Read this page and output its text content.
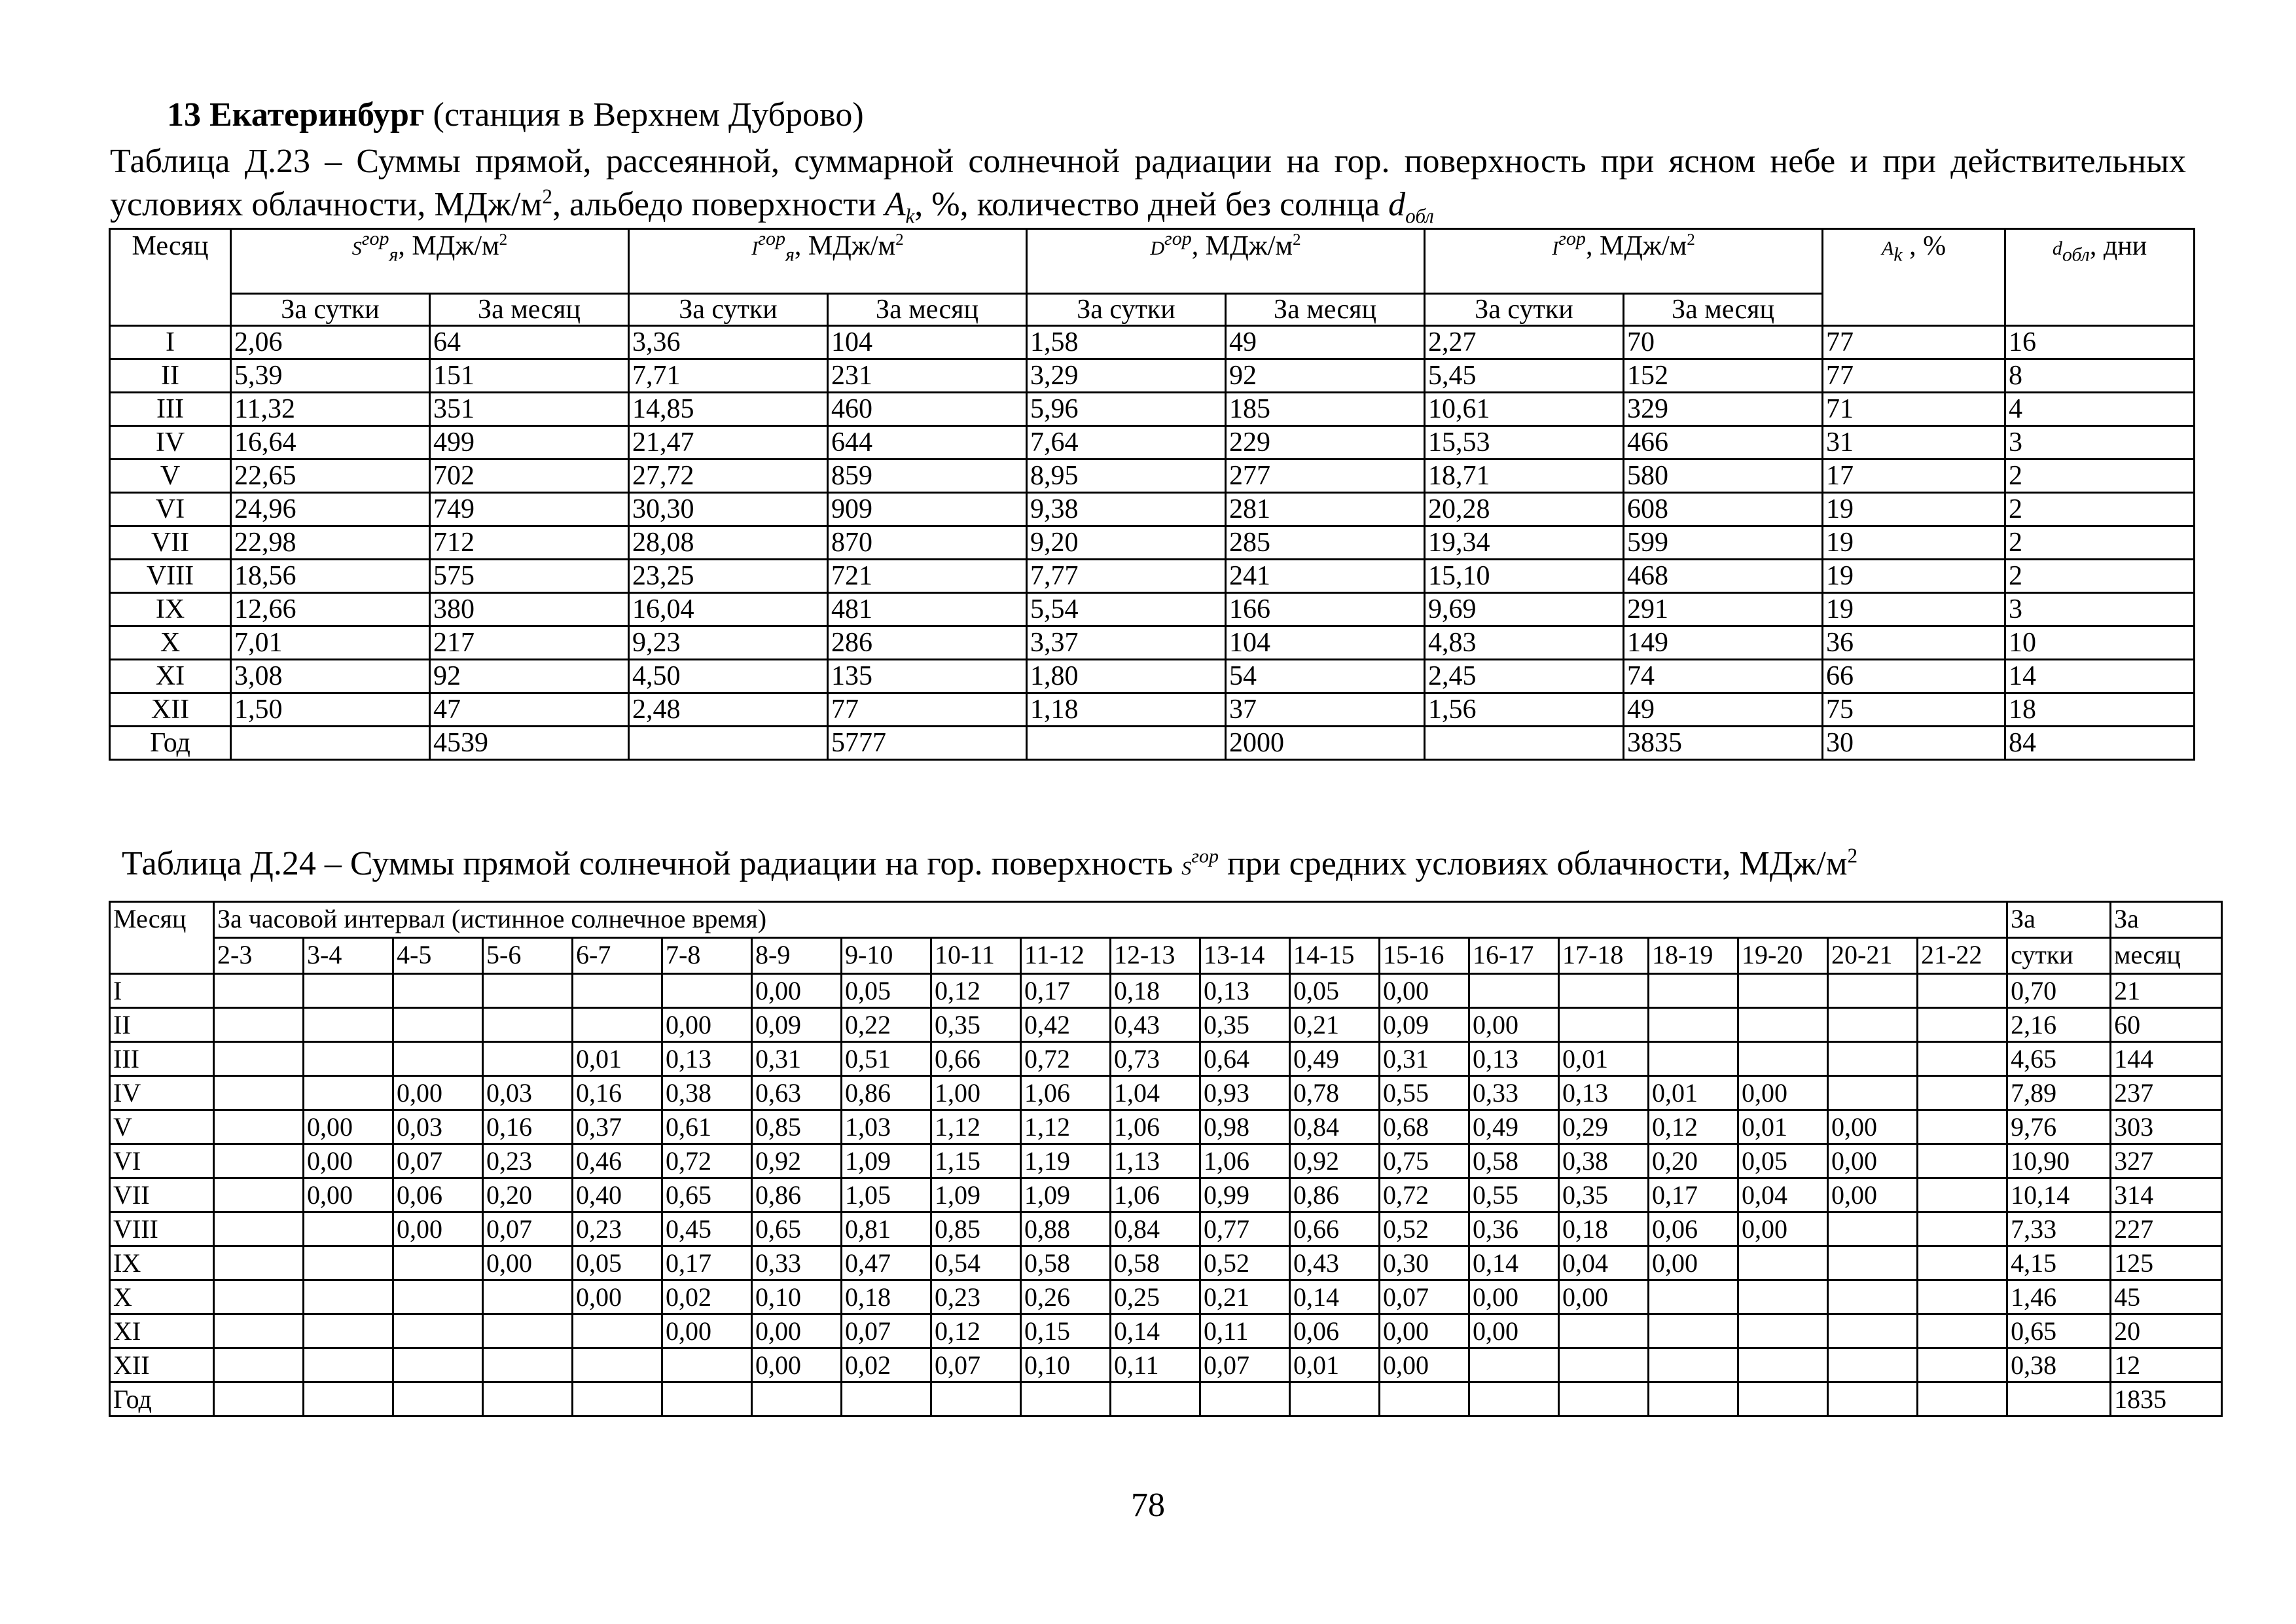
13 Екатеринбург (станция в Верхнем Дуброво)
Таблица Д.23 – Суммы прямой, рассеянной, суммарной солнечной радиации на гор. поверхность при ясном небе и при действительных условиях облачности, МДж/$м^2$, альбедо поверхности $A_k$, %, количество дней без солнца $d_{обл}$
Месяц	$S^{гор}_я$, МДж/$м^2$		$I^{гор}_я$, МДж/$м^2$		$D^{гор}$, МДж/$м^2$		$I^{гор}$, МДж/$м^2$		$A_k$ , %	$d_{обл}$, дни
	За сутки	За месяц	За сутки	За месяц	За сутки	За месяц	За сутки	За месяц		
I	2,06	64	3,36	104	1,58	49	2,27	70	77	16
II	5,39	151	7,71	231	3,29	92	5,45	152	77	8
III	11,32	351	14,85	460	5,96	185	10,61	329	71	4
IV	16,64	499	21,47	644	7,64	229	15,53	466	31	3
V	22,65	702	27,72	859	8,95	277	18,71	580	17	2
VI	24,96	749	30,30	909	9,38	281	20,28	608	19	2
VII	22,98	712	28,08	870	9,20	285	19,34	599	19	2
VIII	18,56	575	23,25	721	7,77	241	15,10	468	19	2
IX	12,66	380	16,04	481	5,54	166	9,69	291	19	3
X	7,01	217	9,23	286	3,37	104	4,83	149	36	10
XI	3,08	92	4,50	135	1,80	54	2,45	74	66	14
XII	1,50	47	2,48	77	1,18	37	1,56	49	75	18
Год		4539		5777		2000		3835	30	84
Таблица Д.24 – Суммы прямой солнечной радиации на гор. поверхность $S^{гор}$ при средних условиях облачности, МДж/$м^2$
Месяц	За часовой интервал (истинное солнечное время)																				За	За
	2-3	3-4	4-5	5-6	6-7	7-8	8-9	9-10	10-11	11-12	12-13	13-14	14-15	15-16	16-17	17-18	18-19	19-20	20-21	21-22	сутки	месяц
I							0,00	0,05	0,12	0,17	0,18	0,13	0,05	0,00							0,70	21
II						0,00	0,09	0,22	0,35	0,42	0,43	0,35	0,21	0,09	0,00						2,16	60
III					0,01	0,13	0,31	0,51	0,66	0,72	0,73	0,64	0,49	0,31	0,13	0,01					4,65	144
IV			0,00	0,03	0,16	0,38	0,63	0,86	1,00	1,06	1,04	0,93	0,78	0,55	0,33	0,13	0,01	0,00			7,89	237
V		0,00	0,03	0,16	0,37	0,61	0,85	1,03	1,12	1,12	1,06	0,98	0,84	0,68	0,49	0,29	0,12	0,01	0,00		9,76	303
VI		0,00	0,07	0,23	0,46	0,72	0,92	1,09	1,15	1,19	1,13	1,06	0,92	0,75	0,58	0,38	0,20	0,05	0,00		10,90	327
VII		0,00	0,06	0,20	0,40	0,65	0,86	1,05	1,09	1,09	1,06	0,99	0,86	0,72	0,55	0,35	0,17	0,04	0,00		10,14	314
VIII			0,00	0,07	0,23	0,45	0,65	0,81	0,85	0,88	0,84	0,77	0,66	0,52	0,36	0,18	0,06	0,00			7,33	227
IX				0,00	0,05	0,17	0,33	0,47	0,54	0,58	0,58	0,52	0,43	0,30	0,14	0,04	0,00				4,15	125
X					0,00	0,02	0,10	0,18	0,23	0,26	0,25	0,21	0,14	0,07	0,00	0,00					1,46	45
XI						0,00	0,00	0,07	0,12	0,15	0,14	0,11	0,06	0,00	0,00						0,65	20
XII							0,00	0,02	0,07	0,10	0,11	0,07	0,01	0,00							0,38	12
Год																						1835
78
